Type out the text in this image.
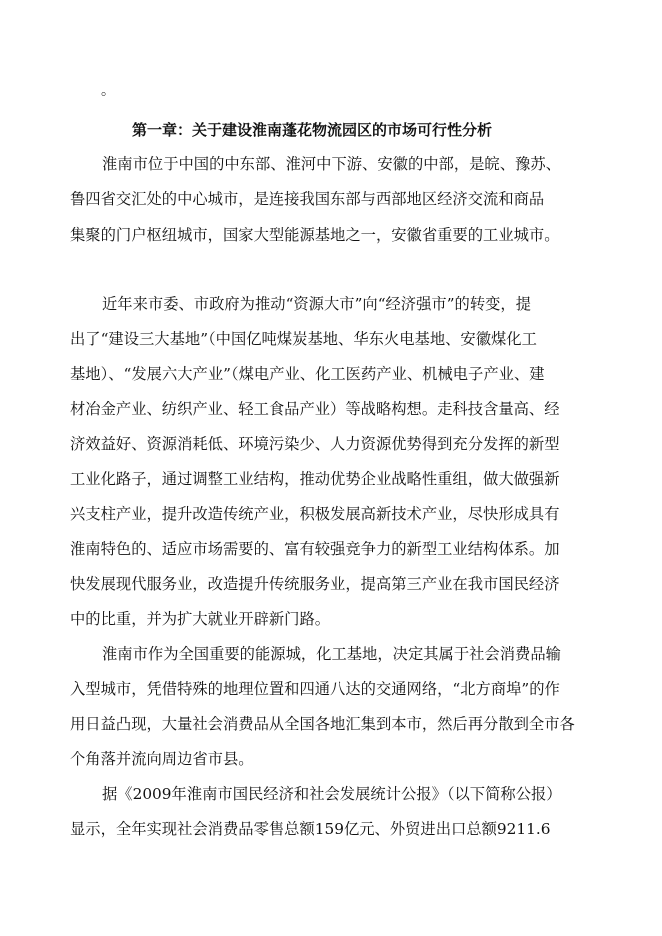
。
第一章：关于建设淮南蓬花物流园区的市场可行性分析
淮南市位于中国的中东部、淮河中下游、安徽的中部，是皖、豫苏、
鲁四省交汇处的中心城市，是连接我国东部与西部地区经济交流和商品
集聚的门户枢纽城市，国家大型能源基地之一，安徽省重要的工业城市。
近年来市委、市政府为推动“资源大市”向“经济强市”的转变，提
出了“建设三大基地”（中国亿吨煤炭基地、华东火电基地、安徽煤化工
基地）、“发展六大产业”（煤电产业、化工医药产业、机械电子产业、建
材冶金产业、纺织产业、轻工食品产业）等战略构想。走科技含量高、经
济效益好、资源消耗低、环境污染少、人力资源优势得到充分发挥的新型
工业化路子，通过调整工业结构，推动优势企业战略性重组，做大做强新
兴支柱产业，提升改造传统产业，积极发展高新技术产业，尽快形成具有
淮南特色的、适应市场需要的、富有较强竞争力的新型工业结构体系。加
快发展现代服务业，改造提升传统服务业，提高第三产业在我市国民经济
中的比重，并为扩大就业开辟新门路。
淮南市作为全国重要的能源城，化工基地，决定其属于社会消费品输
入型城市，凭借特殊的地理位置和四通八达的交通网络，“北方商埠”的作
用日益凸现，大量社会消费品从全国各地汇集到本市，然后再分散到全市各
个角落并流向周边省市县。
据《2009年淮南市国民经济和社会发展统计公报》（以下简称公报）
显示，全年实现社会消费品零售总额159亿元、外贸进出口总额9211.6
